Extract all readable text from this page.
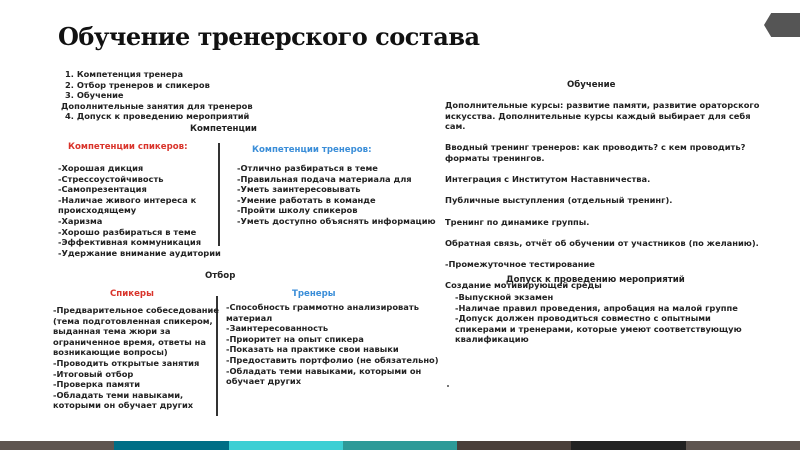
Обучение тренерского состава
1. Компетенция тренера
2. Отбор тренеров и спикеров
3. Обучение
Дополнительные занятия для тренеров
4. Допуск к проведению мероприятий
Компетенции
Компетенции спикеров:	Компетенции тренеров:
-Хорошая дикция
-Стрессоустойчивость
-Самопрезентация
-Наличае живого интереса к
происходящему
-Харизма
-Хорошо разбираться в теме
-Эффективная коммуникация
-Удержание внимание аудитории
-Отлично разбираться в теме
-Правильная подача материала для
-Уметь заинтересовывать
-Умение работать в команде
-Пройти школу спикеров
-Уметь доступно объяснять информацию
Отбор
Спикеры	Тренеры
-Предварительное собеседование
(тема подготовленная спикером,
выданная тема жюри за
ограниченное время, ответы на
возникающие вопросы)
-Проводить открытые занятия
-Итоговый отбор
-Проверка памяти
-Обладать теми навыками,
которыми он обучает других
-Способность граммотно анализировать
материал
-Заинтересованность
-Приоритет на опыт спикера
-Показать на практике свои навыки
-Предоставить портфолио (не обязательно)
-Обладать теми навыками, которыми он
обучает других
Обучение
Дополнительные курсы: развитие памяти, развитие ораторского искусства. Дополнительные курсы каждый выбирает для себя сам.
Вводный тренинг тренеров: как проводить? с кем проводить? форматы тренингов.
Интеграция с Институтом Наставничества.
Публичные выступления (отдельный тренинг).
Тренинг по динамике группы.
Обратная связь, отчёт об обучении от участников (по желанию).
-Промежуточное тестирование
Создание мотивирующей среды
Допуск к проведению мероприятий
-Выпускной экзамен
-Наличае правил проведения, апробация на малой группе
-Допуск должен проводиться совместно с опытными
спикерами и тренерами, которые умеют соответствующую
квалификацию
